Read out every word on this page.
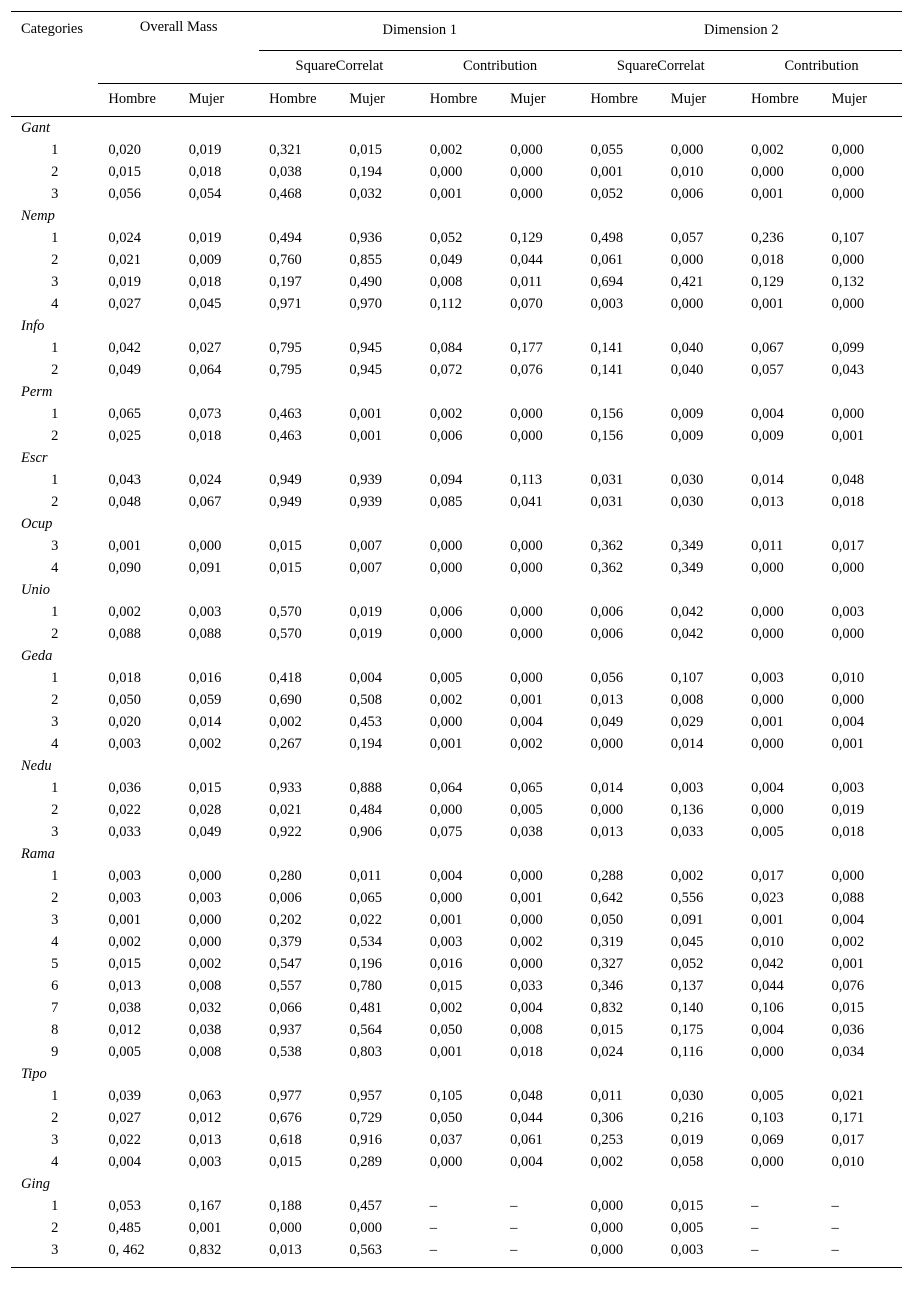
Categories	Overall Mass		Dimension 1				Dimension 2			
			SquareCorrelat		Contribution		SquareCorrelat		Contribution	
	Hombre	Mujer	Hombre	Mujer	Hombre	Mujer	Hombre	Mujer	Hombre	Mujer
Gant										
1	0,020	0,019	0,321	0,015	0,002	0,000	0,055	0,000	0,002	0,000
2	0,015	0,018	0,038	0,194	0,000	0,000	0,001	0,010	0,000	0,000
3	0,056	0,054	0,468	0,032	0,001	0,000	0,052	0,006	0,001	0,000
Nemp										
1	0,024	0,019	0,494	0,936	0,052	0,129	0,498	0,057	0,236	0,107
2	0,021	0,009	0,760	0,855	0,049	0,044	0,061	0,000	0,018	0,000
3	0,019	0,018	0,197	0,490	0,008	0,011	0,694	0,421	0,129	0,132
4	0,027	0,045	0,971	0,970	0,112	0,070	0,003	0,000	0,001	0,000
Info										
1	0,042	0,027	0,795	0,945	0,084	0,177	0,141	0,040	0,067	0,099
2	0,049	0,064	0,795	0,945	0,072	0,076	0,141	0,040	0,057	0,043
Perm										
1	0,065	0,073	0,463	0,001	0,002	0,000	0,156	0,009	0,004	0,000
2	0,025	0,018	0,463	0,001	0,006	0,000	0,156	0,009	0,009	0,001
Escr										
1	0,043	0,024	0,949	0,939	0,094	0,113	0,031	0,030	0,014	0,048
2	0,048	0,067	0,949	0,939	0,085	0,041	0,031	0,030	0,013	0,018
Ocup										
3	0,001	0,000	0,015	0,007	0,000	0,000	0,362	0,349	0,011	0,017
4	0,090	0,091	0,015	0,007	0,000	0,000	0,362	0,349	0,000	0,000
Unio										
1	0,002	0,003	0,570	0,019	0,006	0,000	0,006	0,042	0,000	0,003
2	0,088	0,088	0,570	0,019	0,000	0,000	0,006	0,042	0,000	0,000
Geda										
1	0,018	0,016	0,418	0,004	0,005	0,000	0,056	0,107	0,003	0,010
2	0,050	0,059	0,690	0,508	0,002	0,001	0,013	0,008	0,000	0,000
3	0,020	0,014	0,002	0,453	0,000	0,004	0,049	0,029	0,001	0,004
4	0,003	0,002	0,267	0,194	0,001	0,002	0,000	0,014	0,000	0,001
Nedu										
1	0,036	0,015	0,933	0,888	0,064	0,065	0,014	0,003	0,004	0,003
2	0,022	0,028	0,021	0,484	0,000	0,005	0,000	0,136	0,000	0,019
3	0,033	0,049	0,922	0,906	0,075	0,038	0,013	0,033	0,005	0,018
Rama										
1	0,003	0,000	0,280	0,011	0,004	0,000	0,288	0,002	0,017	0,000
2	0,003	0,003	0,006	0,065	0,000	0,001	0,642	0,556	0,023	0,088
3	0,001	0,000	0,202	0,022	0,001	0,000	0,050	0,091	0,001	0,004
4	0,002	0,000	0,379	0,534	0,003	0,002	0,319	0,045	0,010	0,002
5	0,015	0,002	0,547	0,196	0,016	0,000	0,327	0,052	0,042	0,001
6	0,013	0,008	0,557	0,780	0,015	0,033	0,346	0,137	0,044	0,076
7	0,038	0,032	0,066	0,481	0,002	0,004	0,832	0,140	0,106	0,015
8	0,012	0,038	0,937	0,564	0,050	0,008	0,015	0,175	0,004	0,036
9	0,005	0,008	0,538	0,803	0,001	0,018	0,024	0,116	0,000	0,034
Tipo										
1	0,039	0,063	0,977	0,957	0,105	0,048	0,011	0,030	0,005	0,021
2	0,027	0,012	0,676	0,729	0,050	0,044	0,306	0,216	0,103	0,171
3	0,022	0,013	0,618	0,916	0,037	0,061	0,253	0,019	0,069	0,017
4	0,004	0,003	0,015	0,289	0,000	0,004	0,002	0,058	0,000	0,010
Ging										
1	0,053	0,167	0,188	0,457	–	–	0,000	0,015	–	–
2	0,485	0,001	0,000	0,000	–	–	0,000	0,005	–	–
3	0, 462	0,832	0,013	0,563	–	–	0,000	0,003	–	–
